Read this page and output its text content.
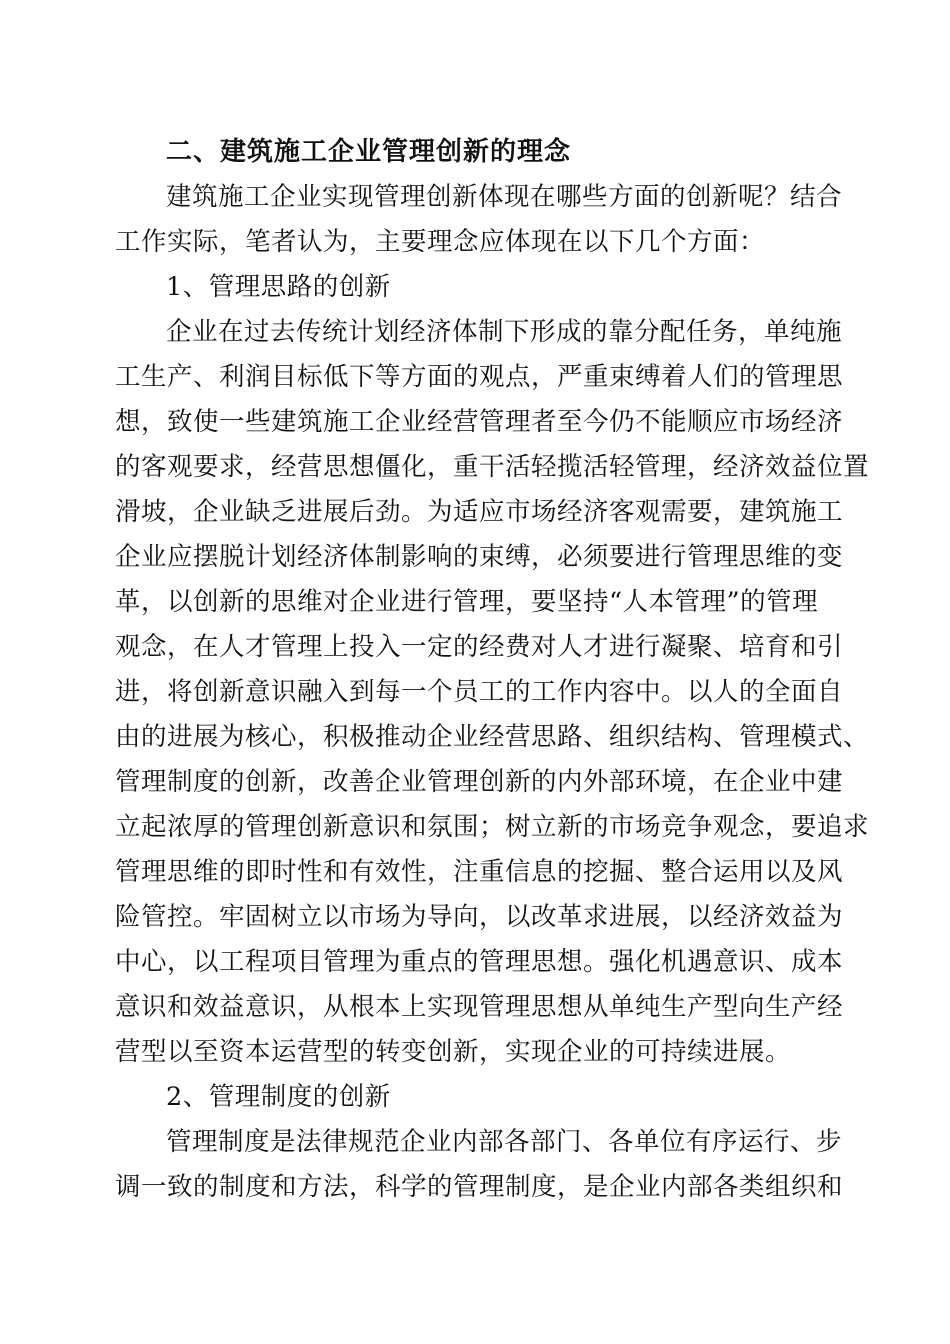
二、建筑施工企业管理创新的理念
建筑施工企业实现管理创新体现在哪些方面的创新呢？结合
工作实际，笔者认为，主要理念应体现在以下几个方面：
1、管理思路的创新
企业在过去传统计划经济体制下形成的靠分配任务，单纯施
工生产、利润目标低下等方面的观点，严重束缚着人们的管理思
想，致使一些建筑施工企业经营管理者至今仍不能顺应市场经济
的客观要求，经营思想僵化，重干活轻揽活轻管理，经济效益位置
滑坡，企业缺乏进展后劲。为适应市场经济客观需要，建筑施工
企业应摆脱计划经济体制影响的束缚，必须要进行管理思维的变
革，以创新的思维对企业进行管理，要坚持“人本管理”的管理
观念，在人才管理上投入一定的经费对人才进行凝聚、培育和引
进，将创新意识融入到每一个员工的工作内容中。以人的全面自
由的进展为核心，积极推动企业经营思路、组织结构、管理模式、
管理制度的创新，改善企业管理创新的内外部环境，在企业中建
立起浓厚的管理创新意识和氛围；树立新的市场竞争观念，要追求
管理思维的即时性和有效性，注重信息的挖掘、整合运用以及风
险管控。牢固树立以市场为导向，以改革求进展，以经济效益为
中心，以工程项目管理为重点的管理思想。强化机遇意识、成本
意识和效益意识，从根本上实现管理思想从单纯生产型向生产经
营型以至资本运营型的转变创新，实现企业的可持续进展。
2、管理制度的创新
管理制度是法律规范企业内部各部门、各单位有序运行、步
调一致的制度和方法，科学的管理制度，是企业内部各类组织和
